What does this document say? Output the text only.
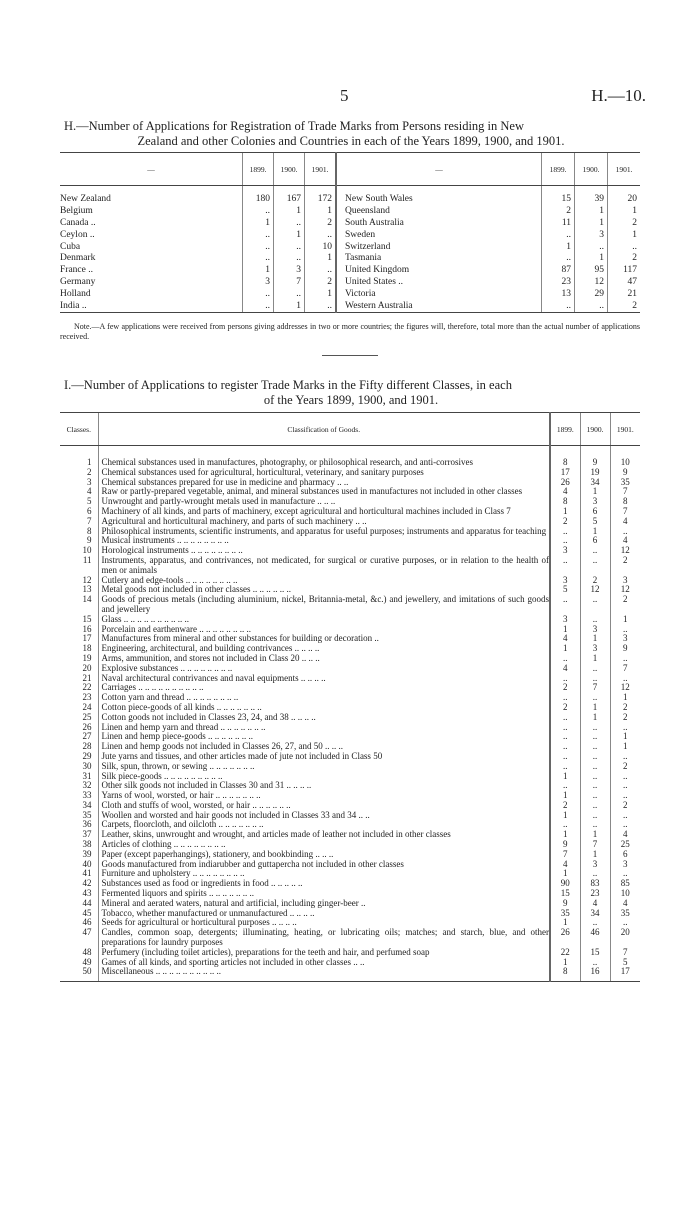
5	H.—10.
H.—Number of Applications for Registration of Trade Marks from Persons residing in New
Zealand and other Colonies and Countries in each of the Years 1899, 1900, and 1901.
—	1899.	1900.	1901.	—	1899.	1900.	1901.

New Zealand	180	167	172	New South Wales	15	39	20
Belgium	..	1	1	Queensland	2	1	1
Canada ..	1	..	2	South Australia	11	1	2
Ceylon ..	..	1	..	Sweden	..	3	1
Cuba	..	..	10	Switzerland	1	..	..
Denmark	..	..	1	Tasmania	..	1	2
France ..	1	3	..	United Kingdom	87	95	117
Germany	3	7	2	United States ..	23	12	47
Holland	..	..	1	Victoria	13	29	21
India ..	..	1	..	Western Australia	..	..	2
Note.—A few applications were received from persons giving addresses in two or more countries; the figures will, therefore, total more than the actual number of applications received.
I.—Number of Applications to register Trade Marks in the Fifty different Classes, in each
of the Years 1899, 1900, and 1901.
Classes.	Classification of Goods.	1899.	1900.	1901.

1	Chemical substances used in manufactures, photography, or philosophical research, and anti-corrosives	8	9	10
2	Chemical substances used for agricultural, horticultural, veterinary, and sanitary purposes	17	19	9
3	Chemical substances prepared for use in medicine and pharmacy .. ..	26	34	35
4	Raw or partly-prepared vegetable, animal, and mineral substances used in manufactures not included in other classes	4	1	7
5	Unwrought and partly-wrought metals used in manufacture .. .. ..	8	3	8
6	Machinery of all kinds, and parts of machinery, except agricultural and horticultural machines included in Class 7	1	6	7
7	Agricultural and horticultural machinery, and parts of such machinery .. ..	2	5	4
8	Philosophical instruments, scientific instruments, and apparatus for useful purposes; instruments and apparatus for teaching	..	1	..
9	Musical instruments .. .. .. .. .. .. .. ..	..	6	4
10	Horological instruments .. .. .. .. .. .. .. ..	3	..	12
11	Instruments, apparatus, and contrivances, not medicated, for surgical or curative purposes, or in relation to the health of men or animals	..	..	2
12	Cutlery and edge-tools .. .. .. .. .. .. .. ..	3	2	3
13	Metal goods not included in other classes .. .. .. .. .. ..	5	12	12
14	Goods of precious metals (including aluminium, nickel, Britannia-metal, &c.) and jewellery, and imitations of such goods and jewellery	..	..	2
15	Glass .. .. .. .. .. .. .. .. .. ..	3	..	1
16	Porcelain and earthenware .. .. .. .. .. .. .. ..	1	3	..
17	Manufactures from mineral and other substances for building or decoration ..	4	1	3
18	Engineering, architectural, and building contrivances .. .. .. ..	1	3	9
19	Arms, ammunition, and stores not included in Class 20 .. .. ..	..	1	..
20	Explosive substances .. .. .. .. .. .. .. ..	4	..	7
21	Naval architectural contrivances and naval equipments .. .. .. ..	..	..	..
22	Carriages .. .. .. .. .. .. .. .. .. ..	2	7	12
23	Cotton yarn and thread .. .. .. .. .. .. .. ..	..	..	1
24	Cotton piece-goods of all kinds .. .. .. .. .. .. ..	2	1	2
25	Cotton goods not included in Classes 23, 24, and 38 .. .. .. ..	..	1	2
26	Linen and hemp yarn and thread .. .. .. .. .. .. ..	..	..	..
27	Linen and hemp piece-goods .. .. .. .. .. .. ..	..	..	1
28	Linen and hemp goods not included in Classes 26, 27, and 50 .. .. ..	..	..	1
29	Jute yarns and tissues, and other articles made of jute not included in Class 50	..	..	..
30	Silk, spun, thrown, or sewing .. .. .. .. .. .. ..	..	..	2
31	Silk piece-goods .. .. .. .. .. .. .. .. ..	1	..	..
32	Other silk goods not included in Classes 30 and 31 .. .. .. ..	..	..	..
33	Yarns of wool, worsted, or hair .. .. .. .. .. .. ..	1	..	..
34	Cloth and stuffs of wool, worsted, or hair .. .. .. .. .. ..	2	..	2
35	Woollen and worsted and hair goods not included in Classes 33 and 34 .. ..	1	..	..
36	Carpets, floorcloth, and oilcloth .. .. .. .. .. .. ..	..	..	..
37	Leather, skins, unwrought and wrought, and articles made of leather not included in other classes	1	1	4
38	Articles of clothing .. .. .. .. .. .. .. ..	9	7	25
39	Paper (except paperhangings), stationery, and bookbinding .. .. ..	7	1	6
40	Goods manufactured from indiarubber and guttapercha not included in other classes	4	3	3
41	Furniture and upholstery .. .. .. .. .. .. .. ..	1	..	..
42	Substances used as food or ingredients in food .. .. .. .. ..	90	83	85
43	Fermented liquors and spirits .. .. .. .. .. .. ..	15	23	10
44	Mineral and aerated waters, natural and artificial, including ginger-beer ..	9	4	4
45	Tobacco, whether manufactured or unmanufactured .. .. .. ..	35	34	35
46	Seeds for agricultural or horticultural purposes .. .. .. ..	1	..	..
47	Candles, common soap, detergents; illuminating, heating, or lubricating oils; matches; and starch, blue, and other preparations for laundry purposes	26	46	20
48	Perfumery (including toilet articles), preparations for the teeth and hair, and perfumed soap	22	15	7
49	Games of all kinds, and sporting articles not included in other classes .. ..	1	..	5
50	Miscellaneous .. .. .. .. .. .. .. .. .. ..	8	16	17
